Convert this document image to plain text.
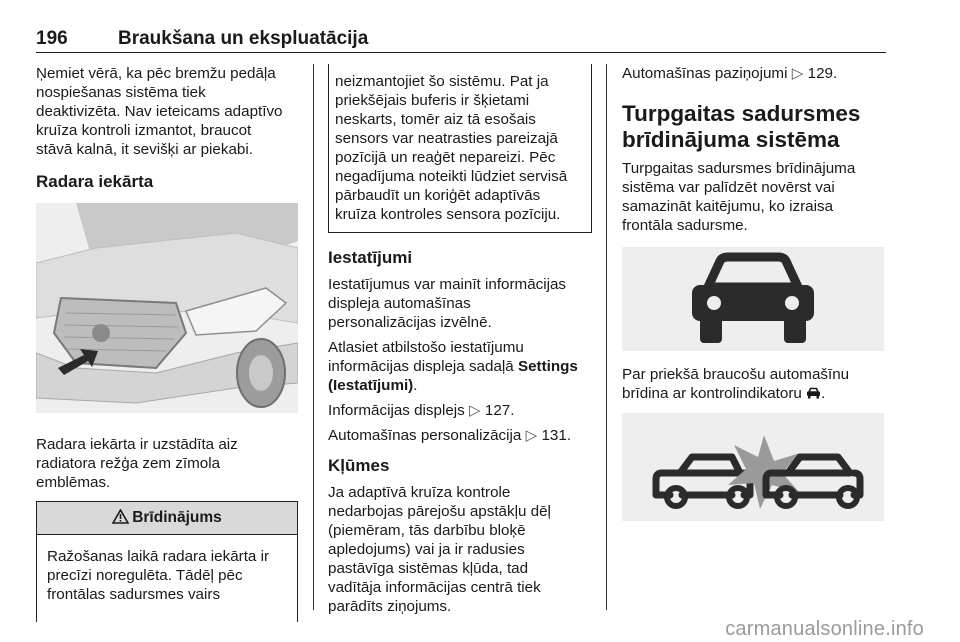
196	Braukšana un ekspluatācija

Ņemiet vērā, ka pēc bremžu pedāļa
nospiešanas sistēma tiek
deaktivizēta. Nav ieteicams adaptīvo
kruīza kontroli izmantot, braucot
stāvā kalnā, it sevišķi ar piekabi.

Radara iekārta

Radara iekārta ir uzstādīta aiz
radiatora režģa zem zīmola
emblēmas.

Brīdinājums

Ražošanas laikā radara iekārta ir
precīzi noregulēta. Tādēļ pēc
frontālas sadursmes vairs

neizmantojiet šo sistēmu. Pat ja
priekšējais buferis ir šķietami
neskarts, tomēr aiz tā esošais
sensors var neatrasties pareizajā
pozīcijā un reaģēt nepareizi. Pēc
negadījuma noteikti lūdziet servisā
pārbaudīt un koriģēt adaptīvās
kruīza kontroles sensora pozīciju.

Iestatījumi

Iestatījumus var mainīt informācijas
displeja automašīnas
personalizācijas izvēlnē.

Atlasiet atbilstošo iestatījumu
informācijas displeja sadaļā Settings
(Iestatījumi).

Informācijas displejs ▷ 127.

Automašīnas personalizācija ▷ 131.

Kļūmes

Ja adaptīvā kruīza kontrole
nedarbojas pārejošu apstākļu dēļ
(piemēram, tās darbību bloķē
apledojums) vai ja ir radusies
pastāvīga sistēmas kļūda, tad
vadītāja informācijas centrā tiek
parādīts ziņojums.

Automašīnas paziņojumi ▷ 129.

Turpgaitas sadursmes
brīdinājuma sistēma

Turpgaitas sadursmes brīdinājuma
sistēma var palīdzēt novērst vai
samazināt kaitējumu, ko izraisa
frontāla sadursme.

Par priekšā braucošu automašīnu
brīdina ar kontrolindikatoru .

carmanualsonline.info
